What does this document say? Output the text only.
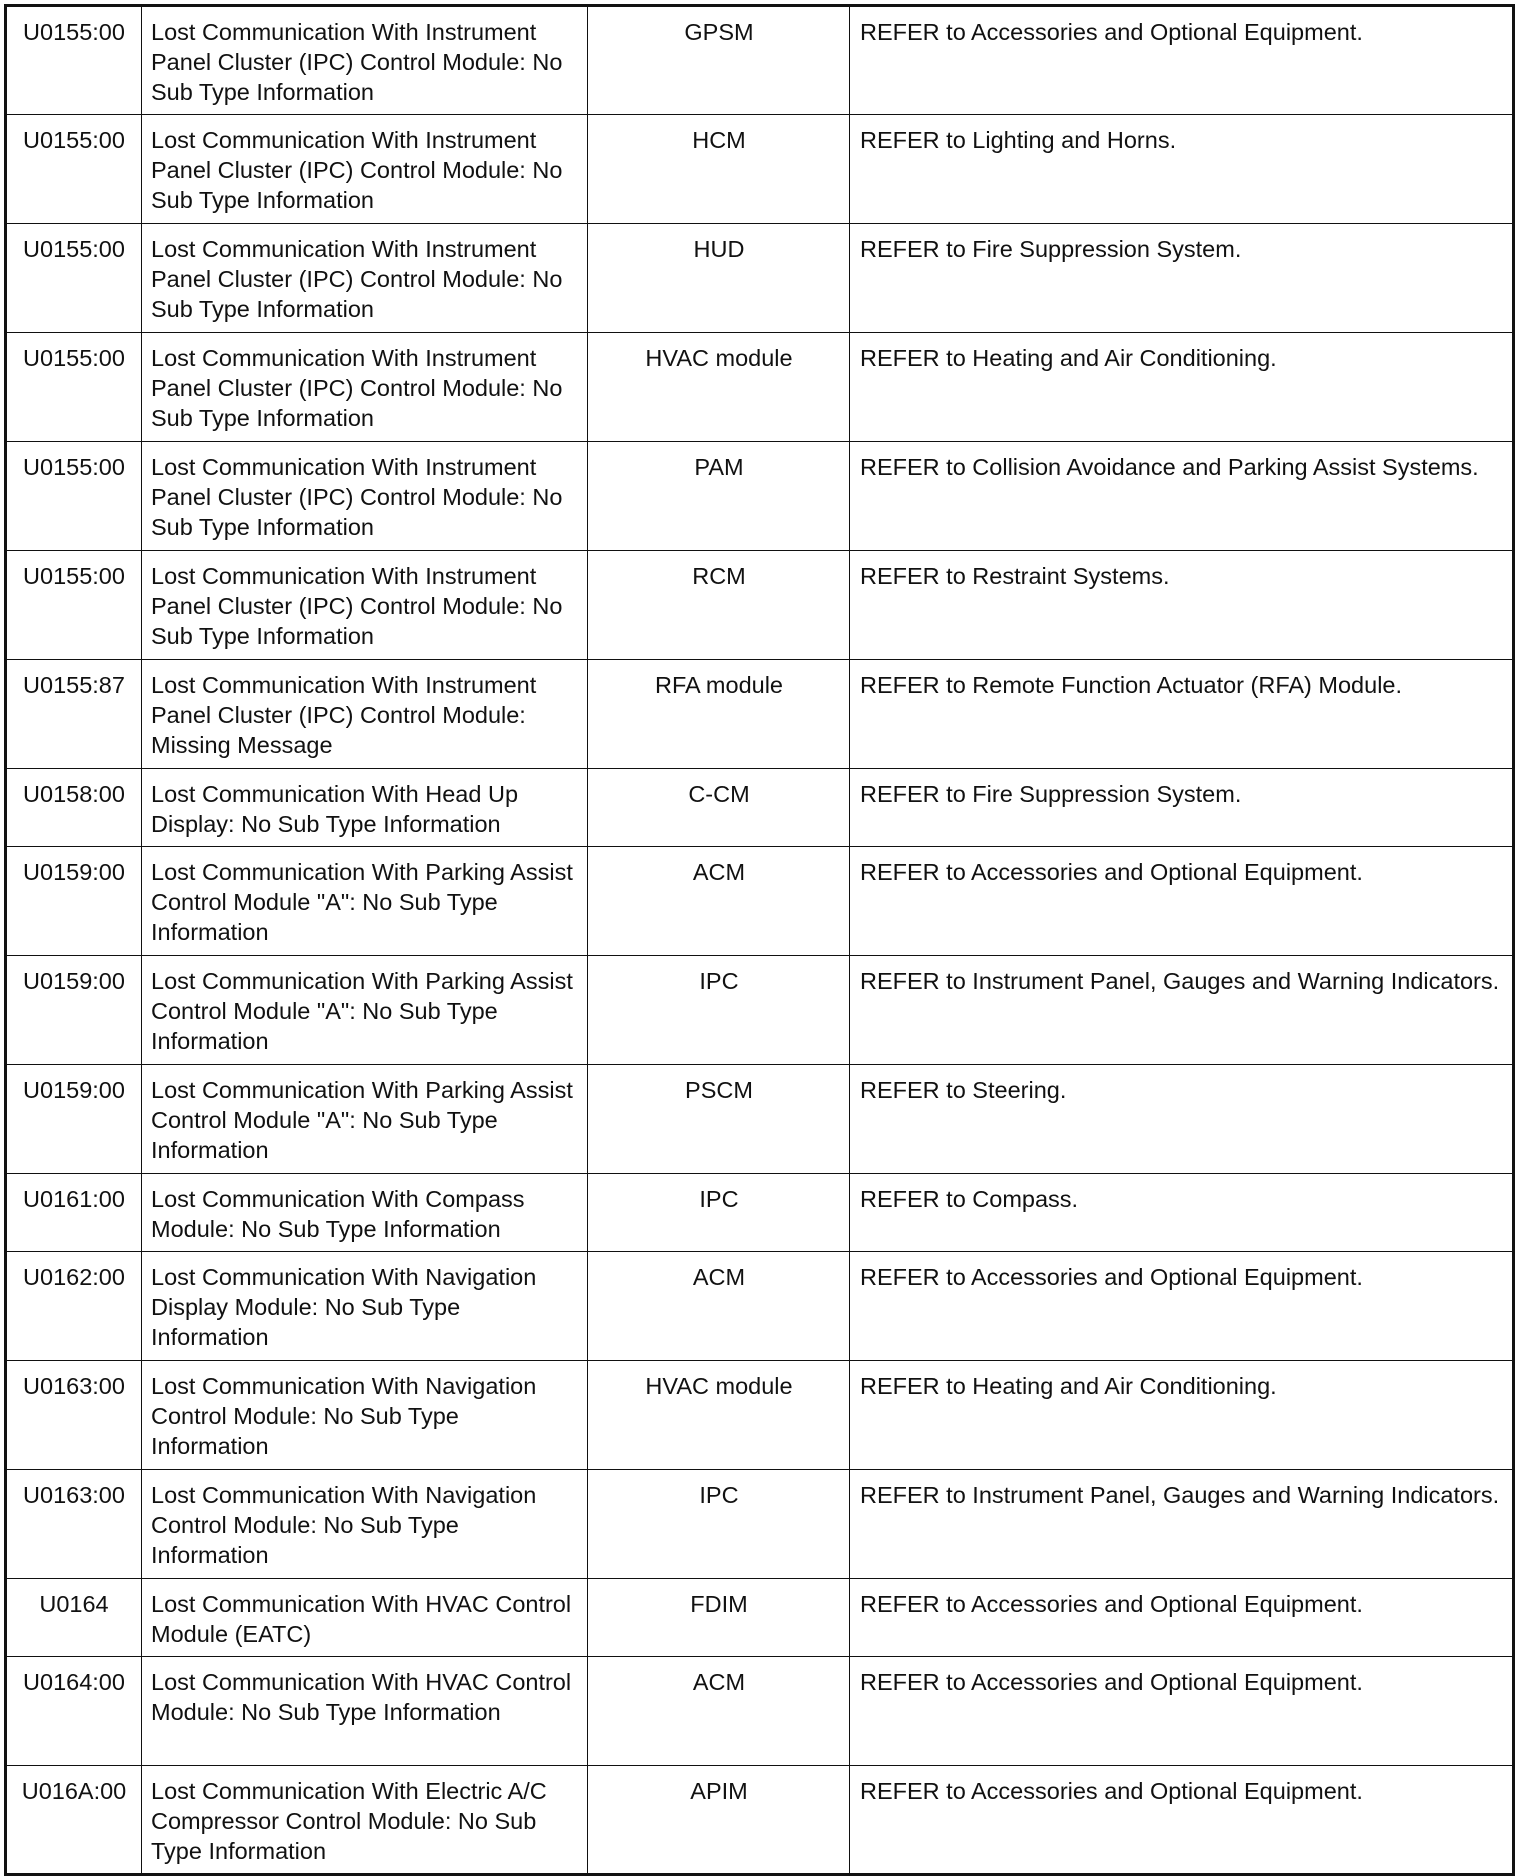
U0155:00	Lost Communication With Instrument Panel Cluster (IPC) Control Module: No Sub Type Information	GPSM	REFER to Accessories and Optional Equipment.
U0155:00	Lost Communication With Instrument Panel Cluster (IPC) Control Module: No Sub Type Information	HCM	REFER to Lighting and Horns.
U0155:00	Lost Communication With Instrument Panel Cluster (IPC) Control Module: No Sub Type Information	HUD	REFER to Fire Suppression System.
U0155:00	Lost Communication With Instrument Panel Cluster (IPC) Control Module: No Sub Type Information	HVAC module	REFER to Heating and Air Conditioning.
U0155:00	Lost Communication With Instrument Panel Cluster (IPC) Control Module: No Sub Type Information	PAM	REFER to Collision Avoidance and Parking Assist Systems.
U0155:00	Lost Communication With Instrument Panel Cluster (IPC) Control Module: No Sub Type Information	RCM	REFER to Restraint Systems.
U0155:87	Lost Communication With Instrument Panel Cluster (IPC) Control Module: Missing Message	RFA module	REFER to Remote Function Actuator (RFA) Module.
U0158:00	Lost Communication With Head Up Display: No Sub Type Information	C-CM	REFER to Fire Suppression System.
U0159:00	Lost Communication With Parking Assist Control Module "A": No Sub Type Information	ACM	REFER to Accessories and Optional Equipment.
U0159:00	Lost Communication With Parking Assist Control Module "A": No Sub Type Information	IPC	REFER to Instrument Panel, Gauges and Warning Indicators.
U0159:00	Lost Communication With Parking Assist Control Module "A": No Sub Type Information	PSCM	REFER to Steering.
U0161:00	Lost Communication With Compass Module: No Sub Type Information	IPC	REFER to Compass.
U0162:00	Lost Communication With Navigation Display Module: No Sub Type Information	ACM	REFER to Accessories and Optional Equipment.
U0163:00	Lost Communication With Navigation Control Module: No Sub Type Information	HVAC module	REFER to Heating and Air Conditioning.
U0163:00	Lost Communication With Navigation Control Module: No Sub Type Information	IPC	REFER to Instrument Panel, Gauges and Warning Indicators.
U0164	Lost Communication With HVAC Control Module (EATC)	FDIM	REFER to Accessories and Optional Equipment.
U0164:00	Lost Communication With HVAC Control Module: No Sub Type Information	ACM	REFER to Accessories and Optional Equipment.
U016A:00	Lost Communication With Electric A/C Compressor Control Module: No Sub Type Information	APIM	REFER to Accessories and Optional Equipment.
